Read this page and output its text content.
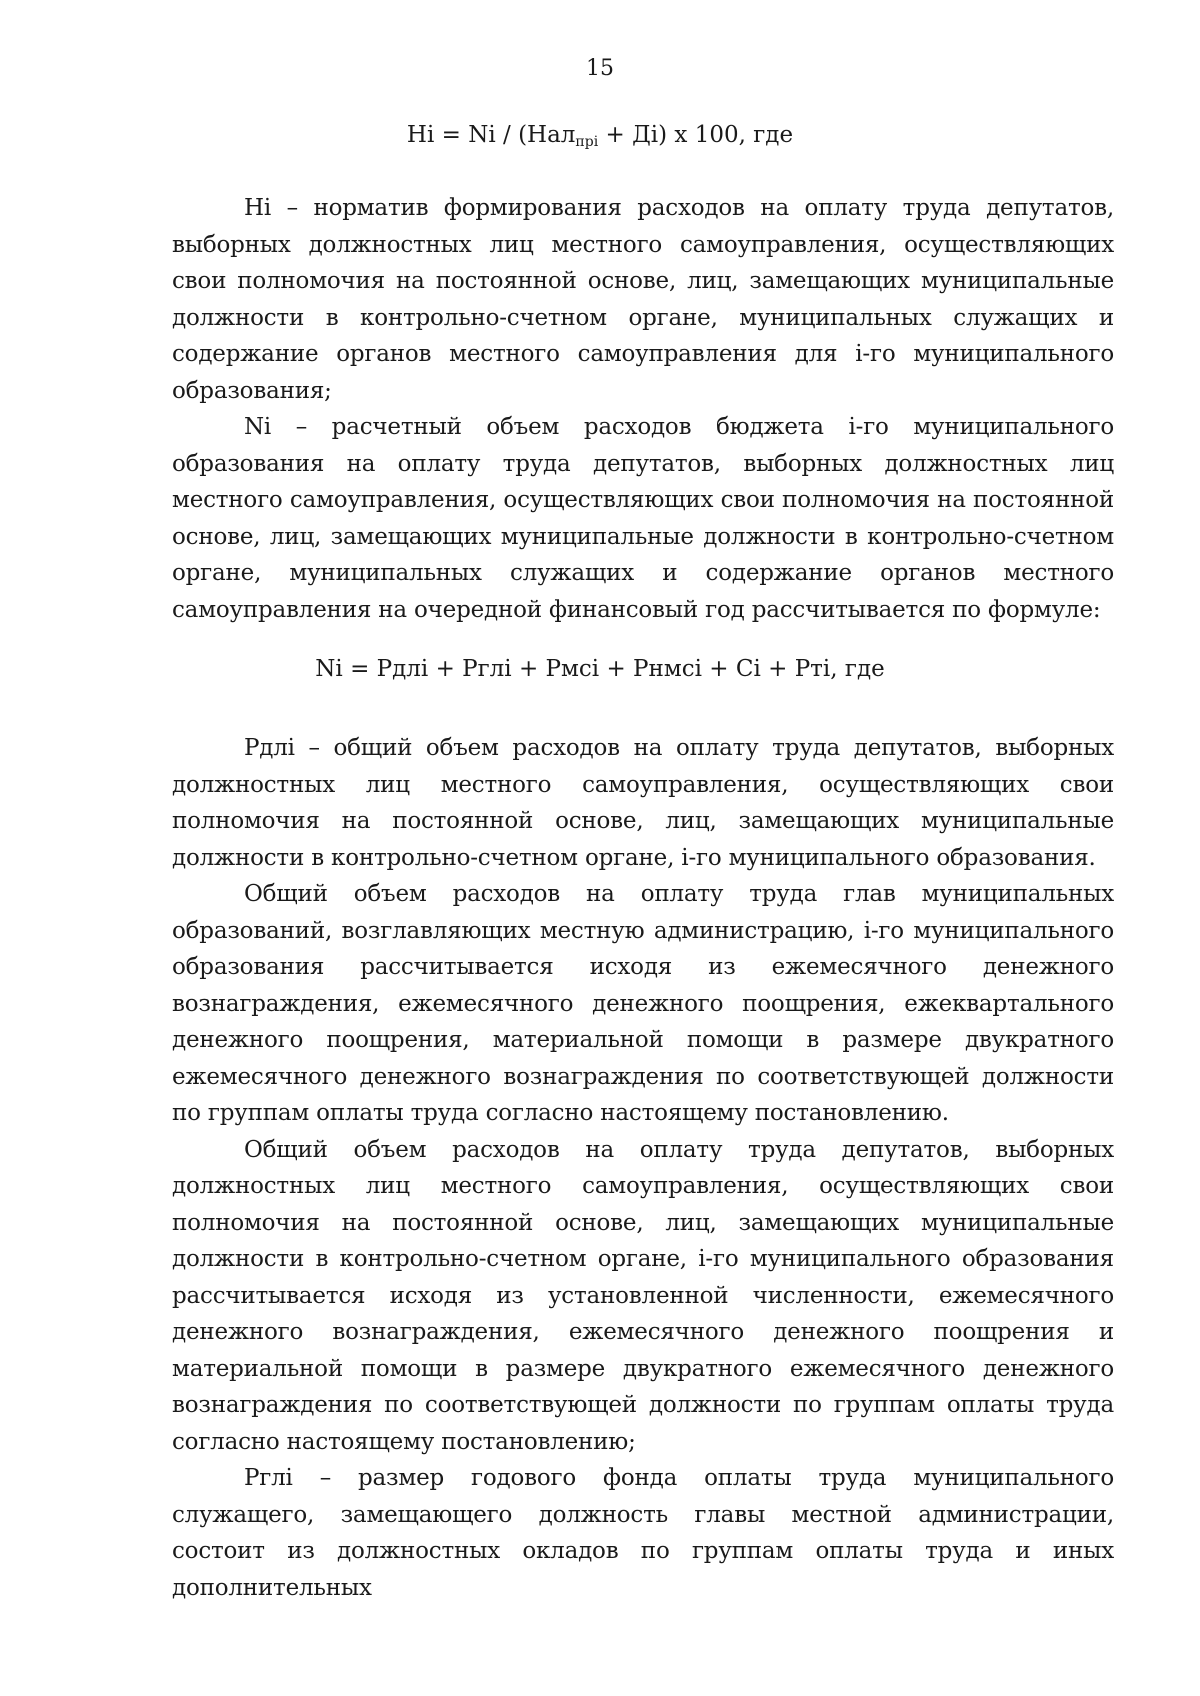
15
Hi = Ni / (Нал$_{прi}$ + Дi) х 100, где

Hi – норматив формирования расходов на оплату труда депутатов, выборных должностных лиц местного самоуправления, осуществляющих свои полномочия на постоянной основе, лиц, замещающих муниципальные должности в контрольно-счетном органе, муниципальных служащих и содержание органов местного самоуправления для i-го муниципального образования;

Ni – расчетный объем расходов бюджета i-го муниципального образования на оплату труда депутатов, выборных должностных лиц местного самоуправления, осуществляющих свои полномочия на постоянной основе, лиц, замещающих муниципальные должности в контрольно-счетном органе, муниципальных служащих и содержание органов местного самоуправления на очередной финансовый год рассчитывается по формуле:

Ni = Рдлi + Рглi + Рмсi + Рнмсi + Сi + Ртi, где

Рдлi – общий объем расходов на оплату труда депутатов, выборных должностных лиц местного самоуправления, осуществляющих свои полномочия на постоянной основе, лиц, замещающих муниципальные должности в контрольно-счетном органе, i-го муниципального образования.

Общий объем расходов на оплату труда глав муниципальных образований, возглавляющих местную администрацию, i-го муниципального образования рассчитывается исходя из ежемесячного денежного вознаграждения, ежемесячного денежного поощрения, ежеквартального денежного поощрения, материальной помощи в размере двукратного ежемесячного денежного вознаграждения по соответствующей должности по группам оплаты труда согласно настоящему постановлению.

Общий объем расходов на оплату труда депутатов, выборных должностных лиц местного самоуправления, осуществляющих свои полномочия на постоянной основе, лиц, замещающих муниципальные должности в контрольно-счетном органе, i-го муниципального образования рассчитывается исходя из установленной численности, ежемесячного денежного вознаграждения, ежемесячного денежного поощрения и материальной помощи в размере двукратного ежемесячного денежного вознаграждения по соответствующей должности по группам оплаты труда согласно настоящему постановлению;

Рглi – размер годового фонда оплаты труда муниципального служащего, замещающего должность главы местной администрации, состоит из должностных окладов по группам оплаты труда и иных дополнительных
